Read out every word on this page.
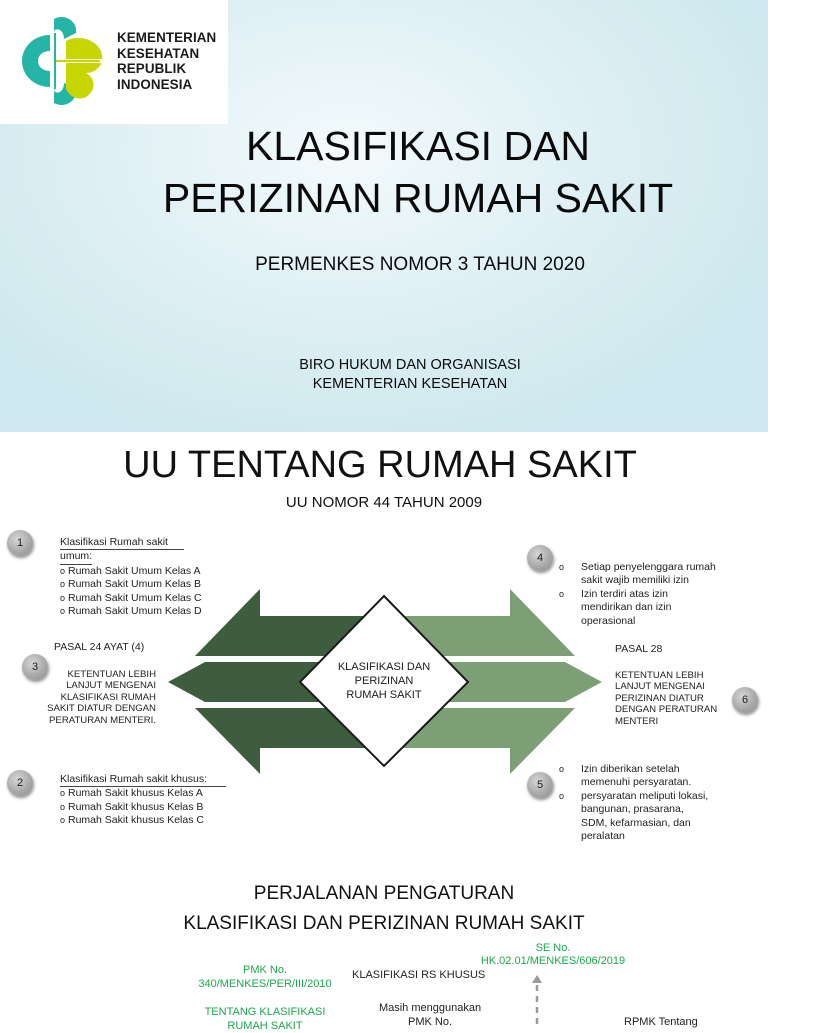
KEMENTERIAN
KESEHATAN
REPUBLIK
INDONESIA
KLASIFIKASI DAN
PERIZINAN RUMAH SAKIT
PERMENKES NOMOR 3 TAHUN 2020
BIRO HUKUM DAN ORGANISASI
KEMENTERIAN KESEHATAN
UU TENTANG RUMAH SAKIT
UU NOMOR 44 TAHUN 2009
KLASIFIKASI DAN
PERIZINAN
RUMAH SAKIT
1
2
3
4
5
6
Klasifikasi Rumah sakit
umum:
o Rumah Sakit Umum Kelas A
o Rumah Sakit Umum Kelas B
o Rumah Sakit Umum Kelas C
o Rumah Sakit Umum Kelas D
Klasifikasi Rumah sakit khusus:
o Rumah Sakit khusus Kelas A
o Rumah Sakit khusus Kelas B
o Rumah Sakit khusus Kelas C
PASAL 24 AYAT (4)
KETENTUAN LEBIH
LANJUT MENGENAI
KLASIFIKASI RUMAH
SAKIT DIATUR DENGAN
PERATURAN MENTERI.
o Setiap penyelenggara rumah
sakit wajib memiliki izin
o Izin terdiri atas izin
mendirikan dan izin
operasional
o Izin diberikan setelah
memenuhi persyaratan.
o persyaratan meliputi lokasi,
bangunan, prasarana,
SDM, kefarmasian, dan
peralatan
PASAL 28
KETENTUAN LEBIH
LANJUT MENGENAI
PERIZINAN DIATUR
DENGAN PERATURAN
MENTERI
PERJALANAN PENGATURAN
KLASIFIKASI DAN PERIZINAN RUMAH SAKIT
SE No.
HK.02.01/MENKES/606/2019
PMK No.
340/MENKES/PER/III/2010
KLASIFIKASI RS KHUSUS
TENTANG KLASIFIKASI
RUMAH SAKIT
Masih menggunakan
PMK No.	RPMK Tentang
